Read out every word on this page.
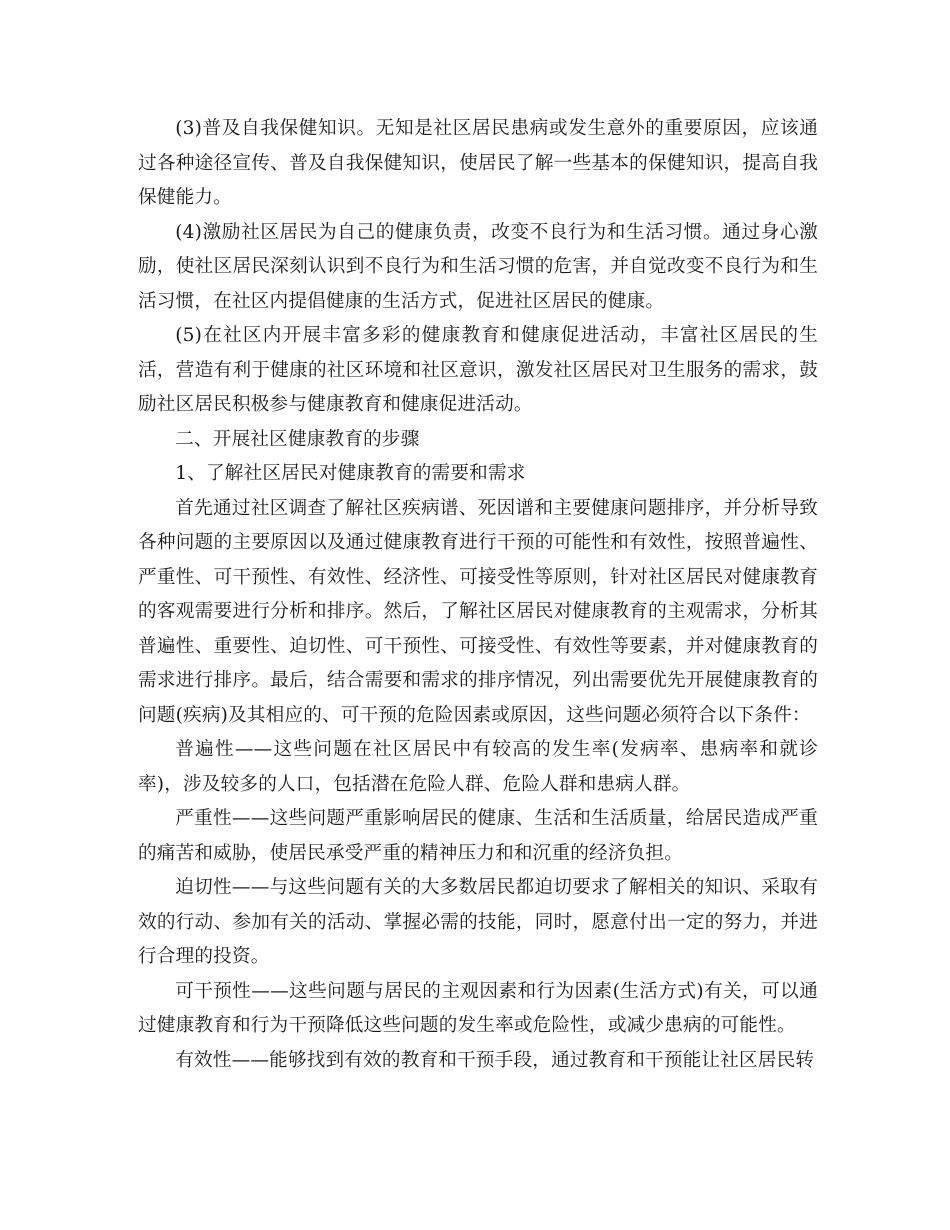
(3)普及自我保健知识。无知是社区居民患病或发生意外的重要原因，应该通过各种途径宣传、普及自我保健知识，使居民了解一些基本的保健知识，提高自我保健能力。

(4)激励社区居民为自己的健康负责，改变不良行为和生活习惯。通过身心激励，使社区居民深刻认识到不良行为和生活习惯的危害，并自觉改变不良行为和生活习惯，在社区内提倡健康的生活方式，促进社区居民的健康。

(5)在社区内开展丰富多彩的健康教育和健康促进活动，丰富社区居民的生活，营造有利于健康的社区环境和社区意识，激发社区居民对卫生服务的需求，鼓励社区居民积极参与健康教育和健康促进活动。

二、开展社区健康教育的步骤

1、了解社区居民对健康教育的需要和需求

首先通过社区调查了解社区疾病谱、死因谱和主要健康问题排序，并分析导致各种问题的主要原因以及通过健康教育进行干预的可能性和有效性，按照普遍性、严重性、可干预性、有效性、经济性、可接受性等原则，针对社区居民对健康教育的客观需要进行分析和排序。然后，了解社区居民对健康教育的主观需求，分析其普遍性、重要性、迫切性、可干预性、可接受性、有效性等要素，并对健康教育的需求进行排序。最后，结合需要和需求的排序情况，列出需要优先开展健康教育的问题(疾病)及其相应的、可干预的危险因素或原因，这些问题必须符合以下条件：

普遍性——这些问题在社区居民中有较高的发生率(发病率、患病率和就诊率)，涉及较多的人口，包括潜在危险人群、危险人群和患病人群。

严重性——这些问题严重影响居民的健康、生活和生活质量，给居民造成严重的痛苦和威胁，使居民承受严重的精神压力和和沉重的经济负担。

迫切性——与这些问题有关的大多数居民都迫切要求了解相关的知识、采取有效的行动、参加有关的活动、掌握必需的技能，同时，愿意付出一定的努力，并进行合理的投资。

可干预性——这些问题与居民的主观因素和行为因素(生活方式)有关，可以通过健康教育和行为干预降低这些问题的发生率或危险性，或减少患病的可能性。

有效性——能够找到有效的教育和干预手段，通过教育和干预能让社区居民转
